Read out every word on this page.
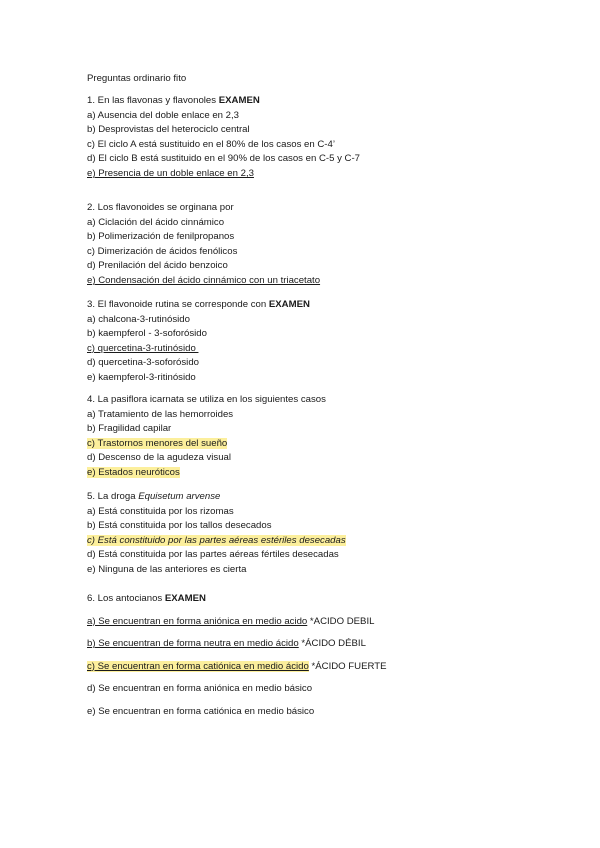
Preguntas ordinario fito
1. En las flavonas y flavonoles EXAMEN
a) Ausencia del doble enlace en 2,3
b) Desprovistas del heterociclo central
c) El ciclo A está sustituido en el 80% de los casos en C-4’
d) El ciclo B está sustituido en el 90% de los casos en C-5 y C-7
e) Presencia de un doble enlace en 2,3
2. Los flavonoides se orginana por
a) Ciclación del ácido cinnámico
b) Polimerización de fenilpropanos
c) Dimerización de ácidos fenólicos
d) Prenilación del ácido benzoico
e) Condensación del ácido cinnámico con un triacetato
3. El flavonoide rutina se corresponde con EXAMEN
a) chalcona-3-rutinósido
b) kaempferol - 3-soforósido
c) quercetina-3-rutinósido
d) quercetina-3-soforósido
e) kaempferol-3-ritinósido
4. La pasiflora icarnata se utiliza en los siguientes casos
a) Tratamiento de las hemorroides
b) Fragilidad capilar
c) Trastornos menores del sueño
d) Descenso de la agudeza visual
e) Estados neuróticos
5. La droga Equisetum arvense
a) Está constituida por los rizomas
b) Está constituida por los tallos desecados
c) Está constituido por las partes aéreas estériles desecadas
d) Está constituida por las partes aéreas fértiles desecadas
e) Ninguna de las anteriores es cierta
6. Los antocianos EXAMEN
a) Se encuentran en forma aniónica en medio acido *ACIDO DEBIL
b) Se encuentran de forma neutra en medio ácido *ÁCIDO DÉBIL
c) Se encuentran en forma catiónica en medio ácido *ÁCIDO FUERTE
d) Se encuentran en forma aniónica en medio básico
e) Se encuentran en forma catiónica en medio básico
